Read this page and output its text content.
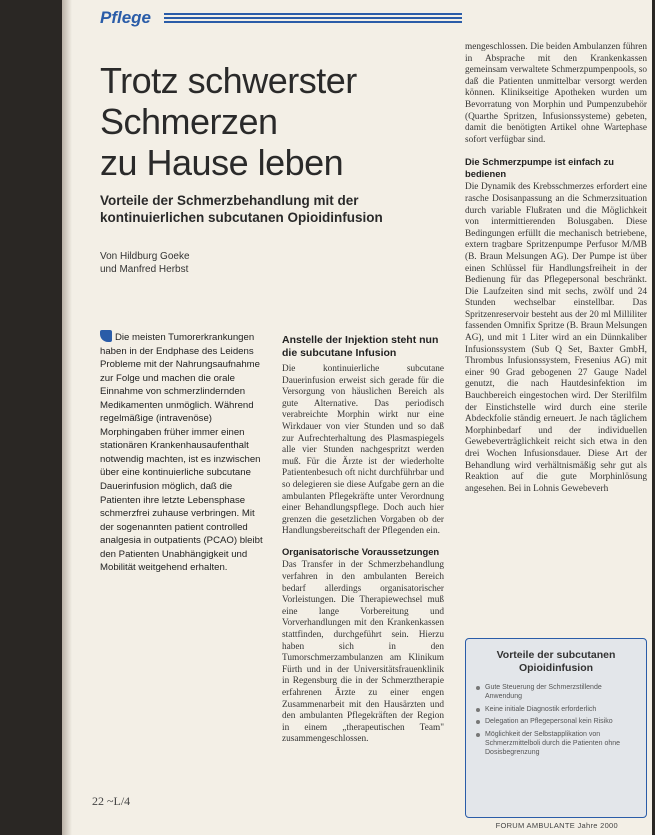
Pflege
Trotz schwerster
Schmerzen
zu Hause leben
Vorteile der Schmerzbehandlung mit der kontinuierlichen subcutanen Opioidinfusion
Von Hildburg Goeke
und Manfred Herbst
Die meisten Tumorerkrankungen haben in der Endphase des Leidens Probleme mit der Nahrungsaufnahme zur Folge und machen die orale Einnahme von schmerzlindernden Medikamenten unmöglich. Während regelmäßige (intravenöse) Morphingaben früher immer einen stationären Krankenhausaufenthalt notwendig machten, ist es inzwischen über eine kontinuierliche subcutane Dauerinfusion möglich, daß die Patienten ihre letzte Lebensphase schmerzfrei zuhause verbringen. Mit der sogenannten patient controlled analgesia in outpatients (PCAO) bleibt den Patienten Unabhängigkeit und Mobilität weitgehend erhalten.
Anstelle der Injektion steht nun die subcutane Infusion

Die kontinuierliche subcutane Dauerinfusion erweist sich gerade für die Versorgung von häuslichen Bereich als gute Alternative. Das periodisch verabreichte Morphin wirkt nur eine Wirkdauer von vier Stunden und so daß zur Aufrechterhaltung des Plasmaspiegels alle vier Stunden nachgespritzt werden muß. Für die Ärzte ist der wiederholte Patientenbesuch oft nicht durchführbar und so delegieren sie diese Aufgabe gern an die ambulanten Pflegekräfte unter Verordnung einer Behandlungspflege. Doch auch hier grenzen die gesetzlichen Vorgaben ob der Handlungsbereitschaft der Pflegenden ein.

Organisatorische Voraussetzungen

Das Transfer in der Schmerzbehandlung verfahren in den ambulanten Bereich bedarf allerdings organisatorischer Vorleistungen. Die Therapiewechsel muß eine lange Vorbereitung und Vorverhandlungen mit den Krankenkassen stattfinden, durchgeführt sein. Hierzu haben sich in den Tumorschmerzambulanzen am Klinikum Fürth und in der Universitätsfrauenklinik in Regensburg die in der Schmerztherapie erfahrenen Ärzte zu einer engen Zusammenarbeit mit den Hausärzten und den ambulanten Pflegekräften der Region in einem „therapeutischen Team" zusammengeschlossen.

mengeschlossen. Die beiden Ambulanzen führen in Absprache mit den Krankenkassen gemeinsam verwaltete Schmerzpumpenpools, so daß die Patienten unmittelbar versorgt werden können. Klinikseitige Apotheken wurden um Bevorratung von Morphin und Pumpenzubehör (Quarthe Spritzen, Infusionssysteme) gebeten, damit die benötigten Artikel ohne Wartephase sofort verfügbar sind.

Die Schmerzpumpe ist einfach zu bedienen

Die Dynamik des Krebsschmerzes erfordert eine rasche Dosisanpassung an die Schmerzsituation durch variable Flußraten und die Möglichkeit von intermittierenden Bolusgaben. Diese Bedingungen erfüllt die mechanisch betriebene, extern tragbare Spritzenpumpe Perfusor M/MB (B. Braun Melsungen AG). Der Pumpe ist über einen Schlüssel für Handlungsfreiheit in der Bedienung für das Pflegepersonal beschränkt. Die Laufzeiten sind mit sechs, zwölf und 24 Stunden wechselbar einstellbar. Das Spritzenreservoir besteht aus der 20 ml Milliliter fassenden Omnifix Spritze (B. Braun Melsungen AG), und mit 1 Liter wird an ein Dünnkaliber Infusionssystem (Sub Q Set, Baxter GmbH, Thrombus Infusionssystem, Fresenius AG) mit einer 90 Grad gebogenen 27 Gauge Nadel genutzt, die nach Hautdesinfektion im Bauchbereich eingestochen wird. Der Sterilfilm der Einstichstelle wird durch eine sterile Abdeckfolie ständig erneuert. Je nach täglichem Morphinbedarf und der individuellen Gewebeverträglichkeit reicht sich etwa in den drei Wochen Infusionsdauer. Diese Art der Behandlung wird verhältnismäßig sehr gut als Reaktion auf die gute Morphinlösung angesehen. Bei in Lohnis Gewebeverh

Vorteile der subcutanen Opioidinfusion
Gute Steuerung der Schmerzstillende Anwendung
Keine initiale Diagnostik erforderlich
Delegation an Pflegepersonal kein Risiko
Möglichkeit der Selbstapplikation von Schmerzmittelboli durch die Patienten ohne Dosisbegrenzung
22 ~L/4
FORUM AMBULANTE Jahre 2000
